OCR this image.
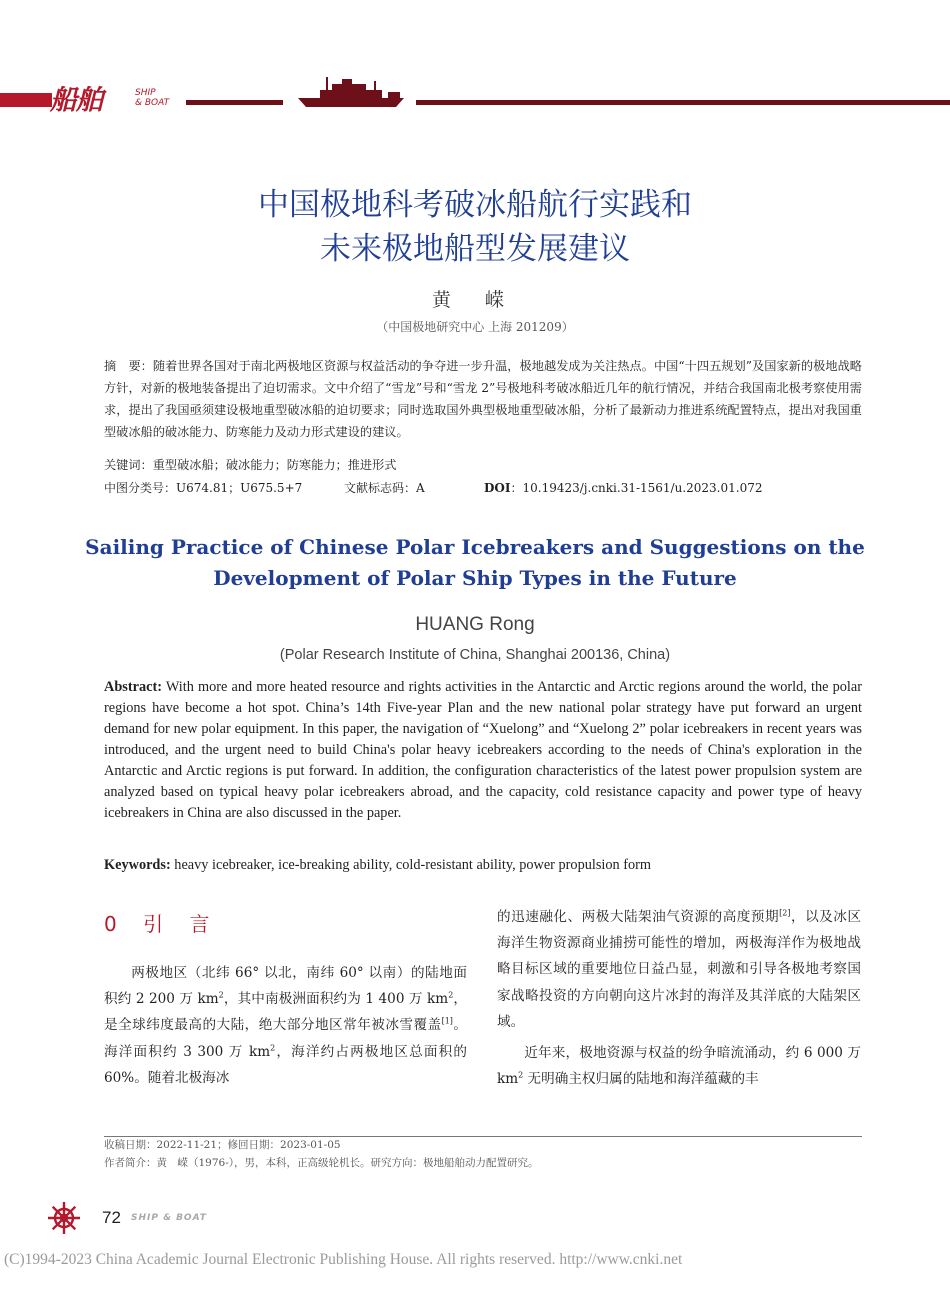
船舶	SHIP
& BOAT
中国极地科考破冰船航行实践和
未来极地船型发展建议
黄 嵘
（中国极地研究中心 上海 201209）
摘　要：随着世界各国对于南北两极地区资源与权益活动的争夺进一步升温，极地越发成为关注热点。中国“十四五规划”及国家新的极地战略方针，对新的极地装备提出了迫切需求。文中介绍了“雪龙”号和“雪龙 2”号极地科考破冰船近几年的航行情况，并结合我国南北极考察使用需求，提出了我国亟须建设极地重型破冰船的迫切要求；同时选取国外典型极地重型破冰船，分析了最新动力推进系统配置特点，提出对我国重型破冰船的破冰能力、防寒能力及动力形式建设的建议。
关键词：重型破冰船；破冰能力；防寒能力；推进形式
中图分类号：U674.81；U675.5+7	文献标志码：A	DOI：10.19423/j.cnki.31-1561/u.2023.01.072
Sailing Practice of Chinese Polar Icebreakers and Suggestions on the
Development of Polar Ship Types in the Future
HUANG Rong
(Polar Research Institute of China, Shanghai 200136, China)
Abstract: With more and more heated resource and rights activities in the Antarctic and Arctic regions around the world, the polar regions have become a hot spot. China’s 14th Five-year Plan and the new national polar strategy have put forward an urgent demand for new polar equipment. In this paper, the navigation of “Xuelong” and “Xuelong 2” polar icebreakers in recent years was introduced, and the urgent need to build China's polar heavy icebreakers according to the needs of China's exploration in the Antarctic and Arctic regions is put forward. In addition, the configuration characteristics of the latest power propulsion system are analyzed based on typical heavy polar icebreakers abroad, and the capacity, cold resistance capacity and power type of heavy icebreakers in China are also discussed in the paper.
Keywords: heavy icebreaker, ice-breaking ability, cold-resistant ability, power propulsion form
0 引 言

两极地区（北纬 66° 以北，南纬 60° 以南）的陆地面积约 2 200 万 $km^2$，其中南极洲面积约为 1 400 万 $km^2$，是全球纬度最高的大陆，绝大部分地区常年被冰雪覆盖[1]。海洋面积约 3 300 万 $km^2$，海洋约占两极地区总面积的 60%。随着北极海冰

的迅速融化、两极大陆架油气资源的高度预期[2]，以及冰区海洋生物资源商业捕捞可能性的增加，两极海洋作为极地战略目标区域的重要地位日益凸显，刺激和引导各极地考察国家战略投资的方向朝向这片冰封的海洋及其洋底的大陆架区域。

近年来，极地资源与权益的纷争暗流涌动，约 6 000 万 $km^2$ 无明确主权归属的陆地和海洋蕴藏的丰

收稿日期：2022-11-21；修回日期：2023-01-05
作者简介：黄　嵘（1976-），男，本科，正高级轮机长。研究方向：极地船舶动力配置研究。
72 SHIP & BOAT
(C)1994-2023 China Academic Journal Electronic Publishing House. All rights reserved. http://www.cnki.net
